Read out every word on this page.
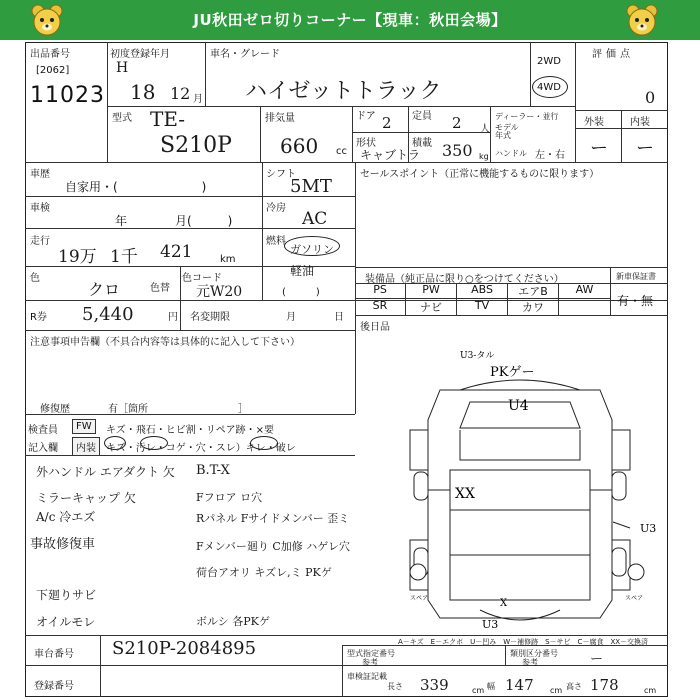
JU秋田ゼロ切りコーナー【現車：秋田会場】
出品番号
[2062]
11023
初度登録年月
H
18 12 月
車名・グレード
ハイゼットトラック
2WD
4WD
評価点
0
外装	内装
ー ー
型式 TE-
S210P
排気量
660 cc
ドア 2 定員 2 人
ディーラー・並行
モデル年式
形状
キャブトラ
積載 350 kg ハンドル 左・右
車歴
自家用・(　　　　　　　)
シフト
5MT
車検
年	月(　　　)
冷房
AC
走行
19万 1千 421	km
燃料
ガソリン
軽油
(　　　)
色
クロ	色替
色コード
元W20
R券 5,440	円 名変期限	月	日
セールスポイント（正常に機能するものに限ります）
装備品（純正品に限り○をつけてください）	新車保証書
有・無
PS	PW	ABS	エアB	AW
SR	ナビ	TV	カワ
後日品
注意事項申告欄（不具合内容等は具体的に記入して下さい）
修復歴	有［箇所　　　　　　　　　］
検査員
記入欄
FW
内装
キズ・飛石・ヒビ割・リペア跡・×要
キズ・汚レ・コゲ・穴・スレ）キレ・破レ
外ハンドル エアダクト 欠
ミラーキャップ 欠
A/c 冷エズ
事故修復車
下廻りサビ
オイルモレ
B.T-X
Fフロア ロ穴
Rパネル Fサイドメンバー 歪ミ
Fメンバー廻り C加修 ハゲレ穴
荷台アオリ キズレ,ミ PKゲ
ボルシ 各PKゲ
スペア	スペア
PKゲー
U3-タル
U4
XX
U3
X
U3
A－キズ　E－エクボ　U－凹み　W－補修跡　S－サビ　C－腐食　XX－交換済
車台番号 S210P-2084895
登録番号
型式指定番号
参考
類別区分番号
参考	ー
車検証記載
長さ 339	cm 幅 147 cm 高さ 178	cm
